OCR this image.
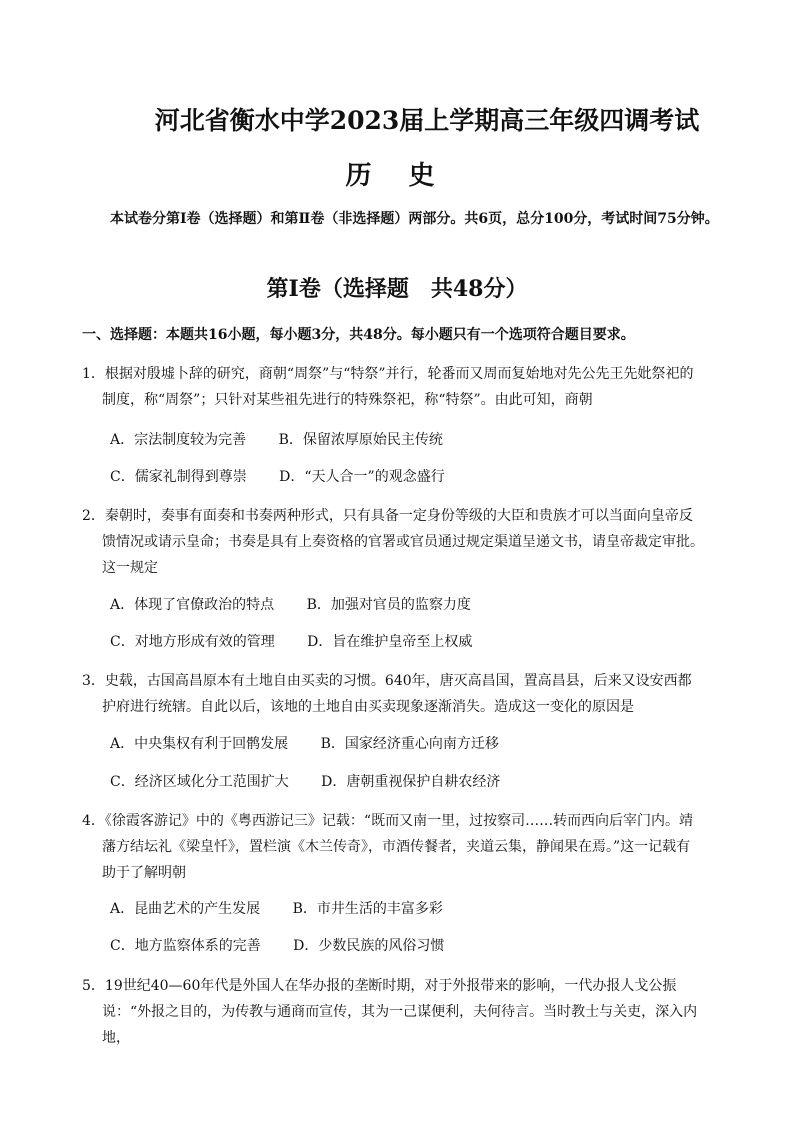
河北省衡水中学2023届上学期高三年级四调考试
历 史
本试卷分第Ⅰ卷（选择题）和第Ⅱ卷（非选择题）两部分。共6页，总分100分，考试时间75分钟。
第Ⅰ卷（选择题　共48分）
一、选择题：本题共16小题，每小题3分，共48分。每小题只有一个选项符合题目要求。
1．根据对殷墟卜辞的研究，商朝“周祭”与“特祭”并行，轮番而又周而复始地对先公先王先妣祭祀的制度，称“周祭”；只针对某些祖先进行的特殊祭祀，称“特祭”。由此可知，商朝
A．宗法制度较为完善 B．保留浓厚原始民主传统
C．儒家礼制得到尊崇 D．“天人合一”的观念盛行
2．秦朝时，奏事有面奏和书奏两种形式，只有具备一定身份等级的大臣和贵族才可以当面向皇帝反馈情况或请示皇命；书奏是具有上奏资格的官署或官员通过规定渠道呈递文书，请皇帝裁定审批。这一规定
A．体现了官僚政治的特点 B．加强对官员的监察力度
C．对地方形成有效的管理 D．旨在维护皇帝至上权威
3．史载，古国高昌原本有土地自由买卖的习惯。640年，唐灭高昌国，置高昌县，后来又设安西都护府进行统辖。自此以后，该地的土地自由买卖现象逐渐消失。造成这一变化的原因是
A．中央集权有利于回鹘发展 B．国家经济重心向南方迁移
C．经济区域化分工范围扩大 D．唐朝重视保护自耕农经济
4．《徐霞客游记》中的《粤西游记三》记载：“既而又南一里，过按察司……转而西向后宰门内。靖藩方结坛礼《梁皇忏》，置栏演《木兰传奇》，市酒传餐者，夹道云集，静闻果在焉。”这一记载有助于了解明朝
A．昆曲艺术的产生发展 B．市井生活的丰富多彩
C．地方监察体系的完善 D．少数民族的风俗习惯
5．19世纪40—60年代是外国人在华办报的垄断时期，对于外报带来的影响，一代办报人戈公振说：“外报之目的，为传教与通商而宣传，其为一己谋便利，夫何待言。当时教士与关吏，深入内地，
